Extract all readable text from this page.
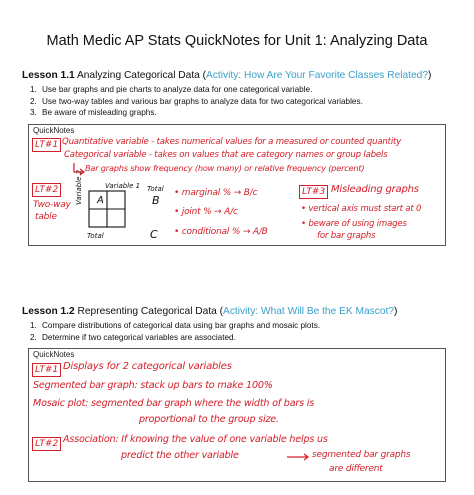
Math Medic AP Stats QuickNotes for Unit 1: Analyzing Data
Lesson 1.1 Analyzing Categorical Data (Activity: How Are Your Favorite Classes Related?)
1. Use bar graphs and pie charts to analyze data for one categorical variable.
2. Use two-way tables and various bar graphs to analyze data for two categorical variables.
3. Be aware of misleading graphs.
QuickNotes
LT#1 Quantitative variable - takes numerical values for a measured or counted quantity
Categorical variable - takes on values that are category names or group labels
Bar graphs show frequency (how many) or relative frequency (percent)
LT#2
Two-way
table
Variable 1 Total
Variable 2 A	B
C
Total
• marginal % → B/c
• joint % → A/c
• conditional % → A/B
LT#3 Misleading graphs
• vertical axis must start at 0
• beware of using images
for bar graphs
Lesson 1.2 Representing Categorical Data (Activity: What Will Be the EK Mascot?)
1. Compare distributions of categorical data using bar graphs and mosaic plots.
2. Determine if two categorical variables are associated.
QuickNotes
LT#1 Displays for 2 categorical variables
Segmented bar graph: stack up bars to make 100%
Mosaic plot: segmented bar graph where the width of bars is
proportional to the group size.
LT#2 Association: If knowing the value of one variable helps us
predict the other variable	segmented bar graphs
are different
